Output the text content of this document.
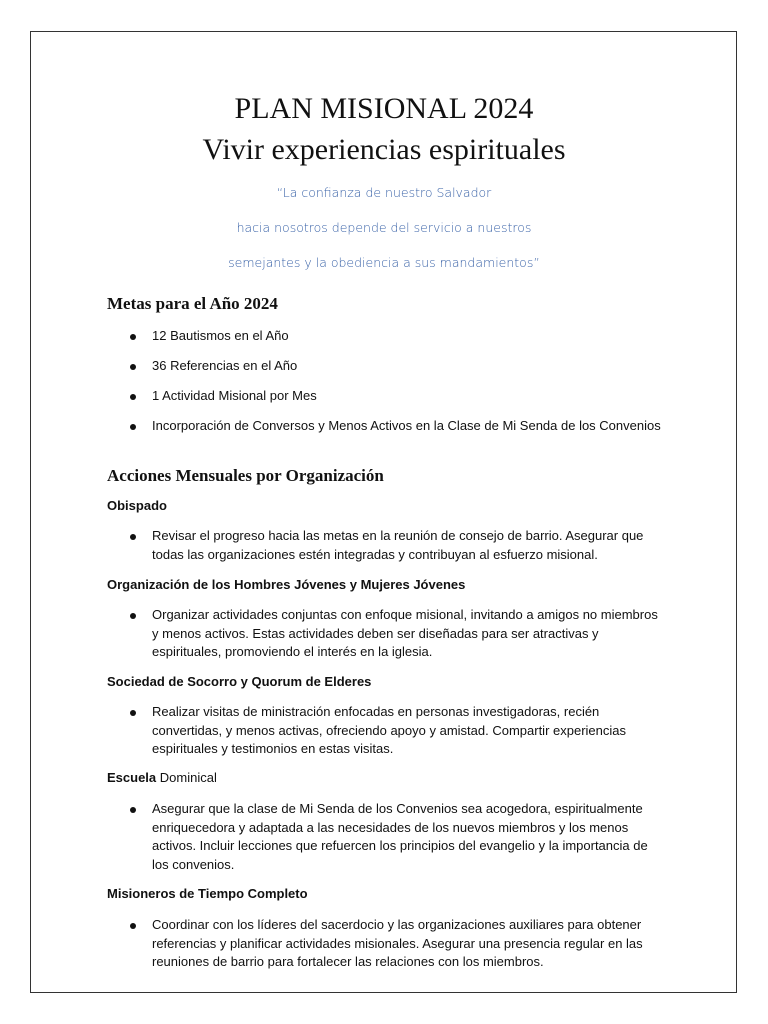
PLAN MISIONAL 2024
Vivir experiencias espirituales
“La confianza de nuestro Salvador
hacia nosotros depende del servicio a nuestros
semejantes y la obediencia a sus mandamientos”
Metas para el Año 2024
12 Bautismos en el Año
36 Referencias en el Año
1 Actividad Misional por Mes
Incorporación de Conversos y Menos Activos en la Clase de Mi Senda de los Convenios
Acciones Mensuales por Organización
Obispado
Revisar el progreso hacia las metas en la reunión de consejo de barrio. Asegurar que todas las organizaciones estén integradas y contribuyan al esfuerzo misional.
Organización de los Hombres Jóvenes y Mujeres Jóvenes
Organizar actividades conjuntas con enfoque misional, invitando a amigos no miembros y menos activos. Estas actividades deben ser diseñadas para ser atractivas y espirituales, promoviendo el interés en la iglesia.
Sociedad de Socorro y Quorum de Elderes
Realizar visitas de ministración enfocadas en personas investigadoras, recién convertidas, y menos activas, ofreciendo apoyo y amistad. Compartir experiencias espirituales y testimonios en estas visitas.
Escuela Dominical
Asegurar que la clase de Mi Senda de los Convenios sea acogedora, espiritualmente enriquecedora y adaptada a las necesidades de los nuevos miembros y los menos activos. Incluir lecciones que refuercen los principios del evangelio y la importancia de los convenios.
Misioneros de Tiempo Completo
Coordinar con los líderes del sacerdocio y las organizaciones auxiliares para obtener referencias y planificar actividades misionales. Asegurar una presencia regular en las reuniones de barrio para fortalecer las relaciones con los miembros.
